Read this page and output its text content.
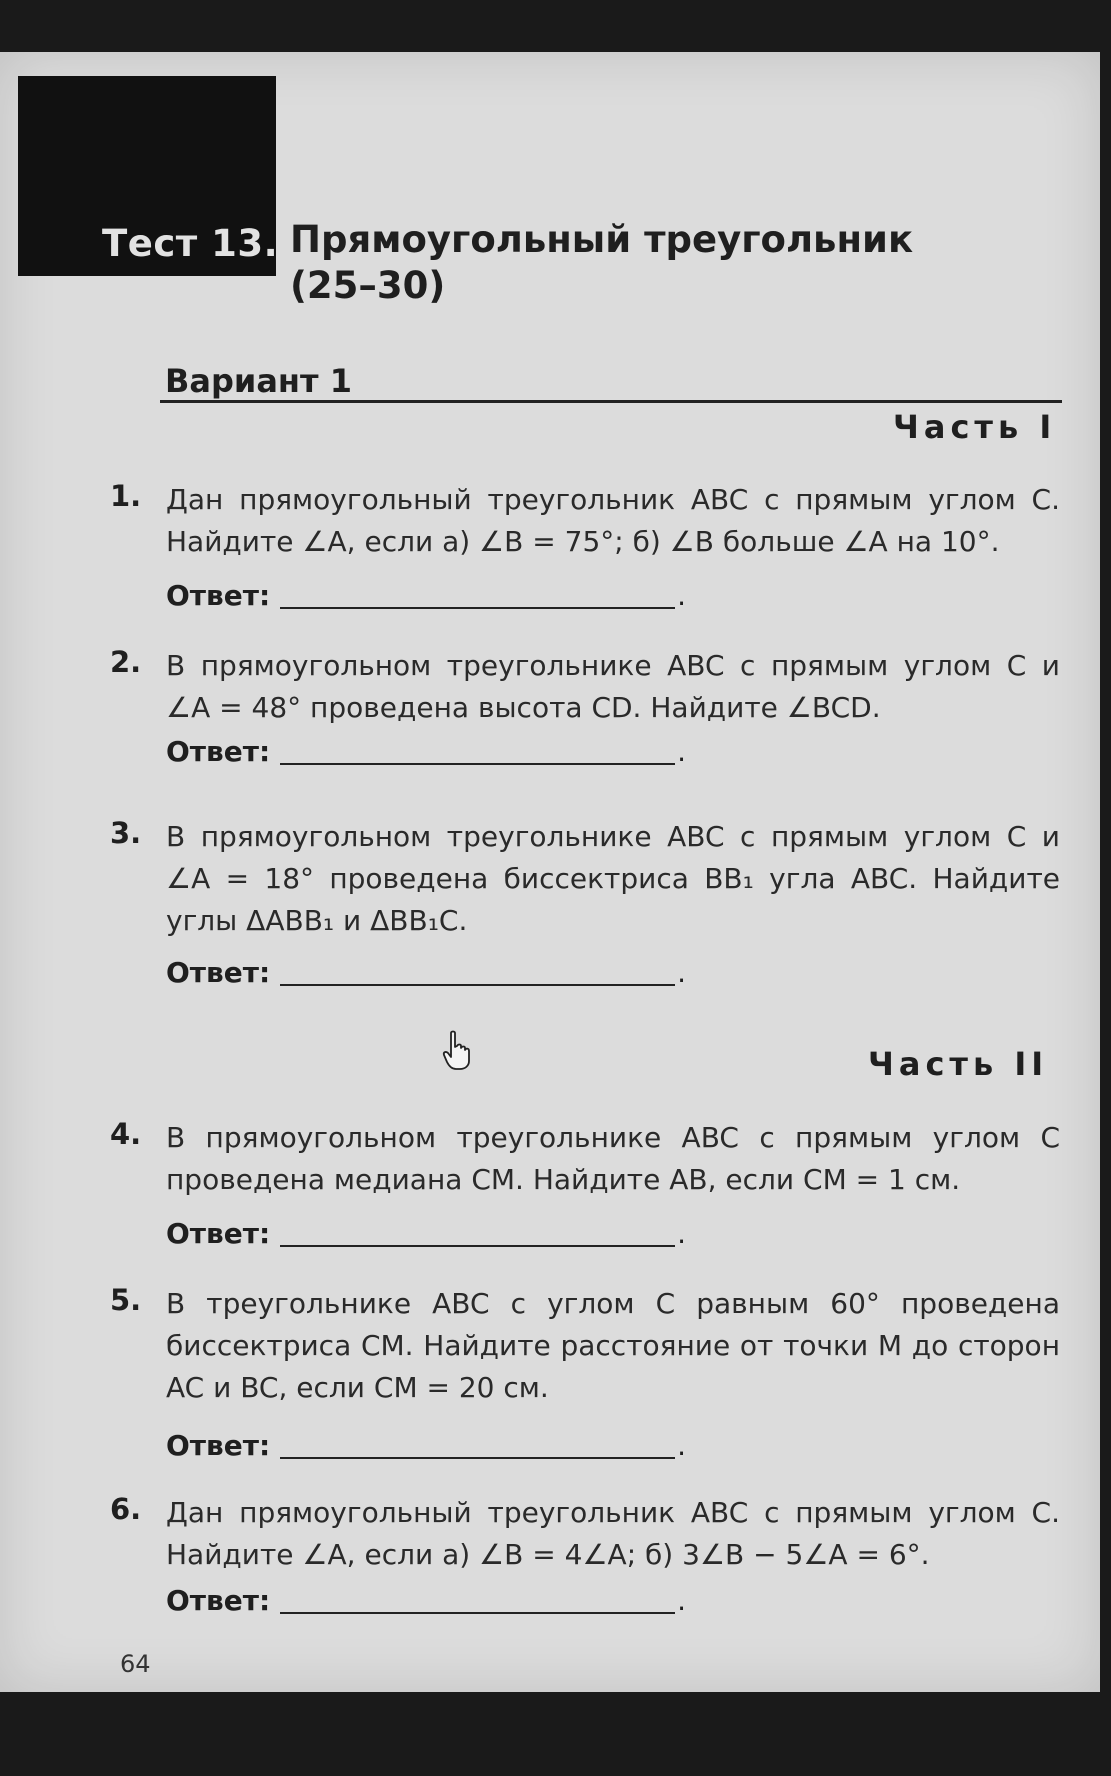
Тест 13. Прямоугольный треугольник
(25–30)
Вариант 1
Часть I
1. Дан прямоугольный треугольник ABC с прямым углом C. Найдите ∠A, если а) ∠B = 75°; б) ∠B больше ∠A на 10°.
Ответ:	.
2. В прямоугольном треугольнике ABC с прямым углом C и ∠A = 48° проведена высота CD. Найдите ∠BCD.
Ответ:	.
3. В прямоугольном треугольнике ABC с прямым углом C и ∠A = 18° проведена биссектриса BB₁ угла ABC. Найдите углы ΔABB₁ и ΔBB₁C.
Ответ:	.
Часть II
4. В прямоугольном треугольнике ABC с прямым углом C проведена медиана CM. Найдите AB, если CM = 1 см.
Ответ:	.
5. В треугольнике ABC с углом C равным 60° проведена биссектриса CM. Найдите расстояние от точки M до сторон AC и BC, если CM = 20 см.
Ответ:	.
6. Дан прямоугольный треугольник ABC с прямым углом C. Найдите ∠A, если а) ∠B = 4∠A; б) 3∠B − 5∠A = 6°.
Ответ:	.
64
